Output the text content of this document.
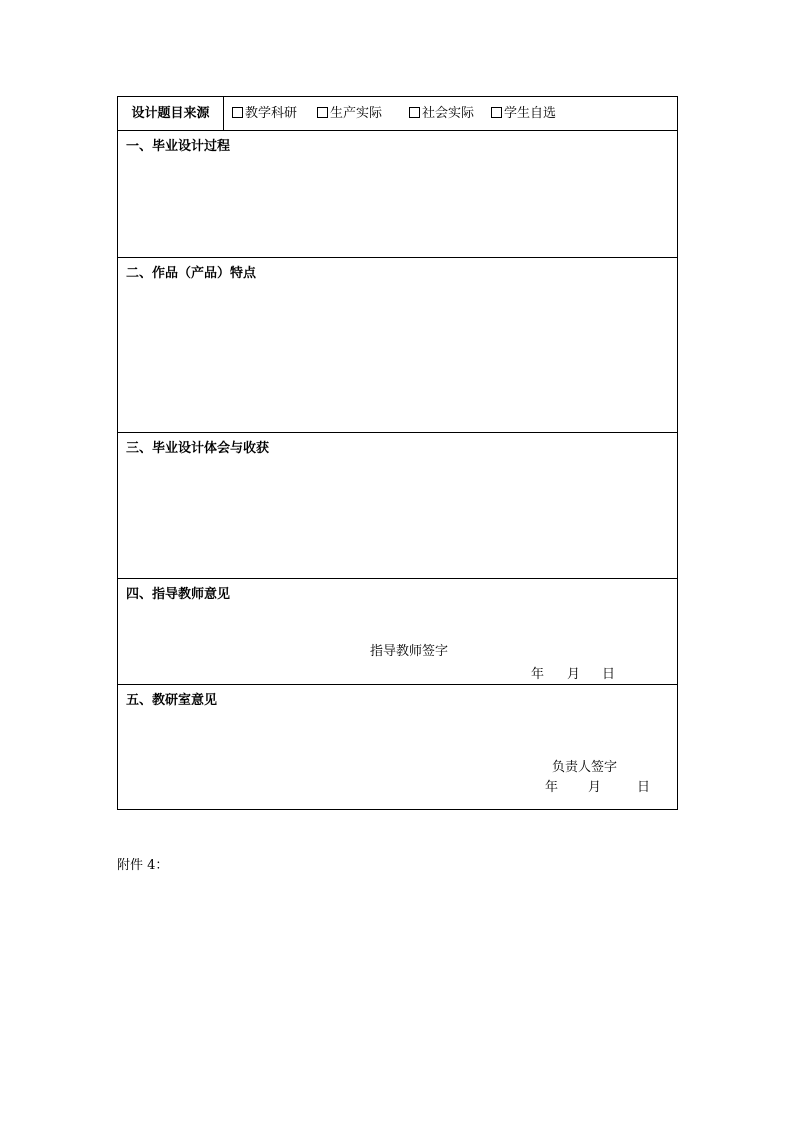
设计题目来源	教学科研	生产实际	社会实际	学生自选
一、毕业设计过程
二、作品（产品）特点
三、毕业设计体会与收获
四、指导教师意见
指导教师签字
年 月 日
五、教研室意见
负责人签字
年 月	日
附件 4：
